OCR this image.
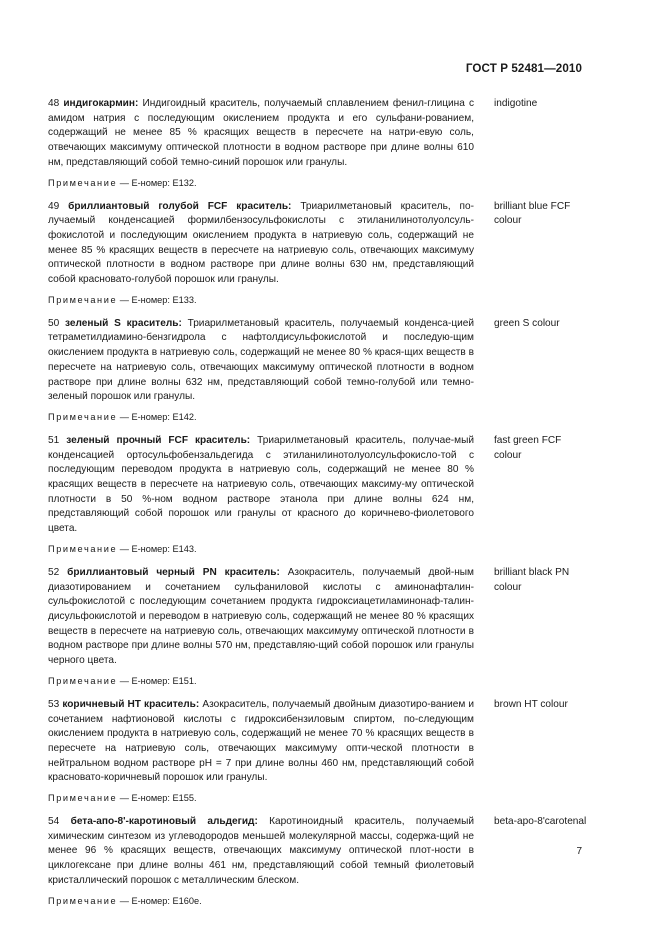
ГОСТ Р 52481—2010
48 индигокармин: Индигоидный краситель, получаемый сплавлением фенил-глицина с амидом натрия с последующим окислением продукта и его сульфани-рованием, содержащий не менее 85 % красящих веществ в пересчете на натри-евую соль, отвечающих максимуму оптической плотности в водном растворе при длине волны 610 нм, представляющий собой темно-синий порошок или гранулы.
indigotine
Примечание — Е-номер: Е132.
49 бриллиантовый голубой FCF краситель: Триарилметановый краситель, по-лучаемый конденсацией формилбензосульфокислоты с этиланилинотолуолсуль-фокислотой и последующим окислением продукта в натриевую соль, содержащий не менее 85 % красящих веществ в пересчете на натриевую соль, отвечающих максимуму оптической плотности в водном растворе при длине волны 630 нм, представляющий собой красновато-голубой порошок или гранулы.
brilliant blue FCF colour
Примечание — Е-номер: Е133.
50 зеленый S краситель: Триарилметановый краситель, получаемый конденса-цией тетраметилдиамино-бензгидрола с нафтолдисульфокислотой и последую-щим окислением продукта в натриевую соль, содержащий не менее 80 % крася-щих веществ в пересчете на натриевую соль, отвечающих максимуму оптической плотности в водном растворе при длине волны 632 нм, представляющий собой темно-голубой или темно-зеленый порошок или гранулы.
green S colour
Примечание — Е-номер: Е142.
51 зеленый прочный FCF краситель: Триарилметановый краситель, получае-мый конденсацией ортосульфобензальдегида с этиланилинотолуолсульфокисло-той с последующим переводом продукта в натриевую соль, содержащий не менее 80 % красящих веществ в пересчете на натриевую соль, отвечающих максиму-му оптической плотности в 50 %-ном водном растворе этанола при длине волны 624 нм, представляющий собой порошок или гранулы от красного до коричнево-фиолетового цвета.
fast green FCF colour
Примечание — Е-номер: Е143.
52 бриллиантовый черный PN краситель: Азокраситель, получаемый двой-ным диазотированием и сочетанием сульфаниловой кислоты с аминонафталин-сульфокислотой с последующим сочетанием продукта гидроксиацетиламинонаф-талин-дисульфокислотой и переводом в натриевую соль, содержащий не менее 80 % красящих веществ в пересчете на натриевую соль, отвечающих максимуму оптической плотности в водном растворе при длине волны 570 нм, представляю-щий собой порошок или гранулы черного цвета.
brilliant black PN colour
Примечание — Е-номер: Е151.
53 коричневый НТ краситель: Азокраситель, получаемый двойным диазотиро-ванием и сочетанием нафтионовой кислоты с гидроксибензиловым спиртом, по-следующим окислением продукта в натриевую соль, содержащий не менее 70 % красящих веществ в пересчете на натриевую соль, отвечающих максимуму опти-ческой плотности в нейтральном водном растворе pH = 7 при длине волны 460 нм, представляющий собой красновато-коричневый порошок или гранулы.
brown HT colour
Примечание — Е-номер: Е155.
54 бета-апо-8'-каротиновый альдегид: Каротиноидный краситель, получаемый химическим синтезом из углеводородов меньшей молекулярной массы, содержа-щий не менее 96 % красящих веществ, отвечающих максимуму оптической плот-ности в циклогексане при длине волны 461 нм, представляющий собой темный фиолетовый кристаллический порошок с металлическим блеском.
beta-apo-8'carotenal
Примечание — Е-номер: Е160е.
7
